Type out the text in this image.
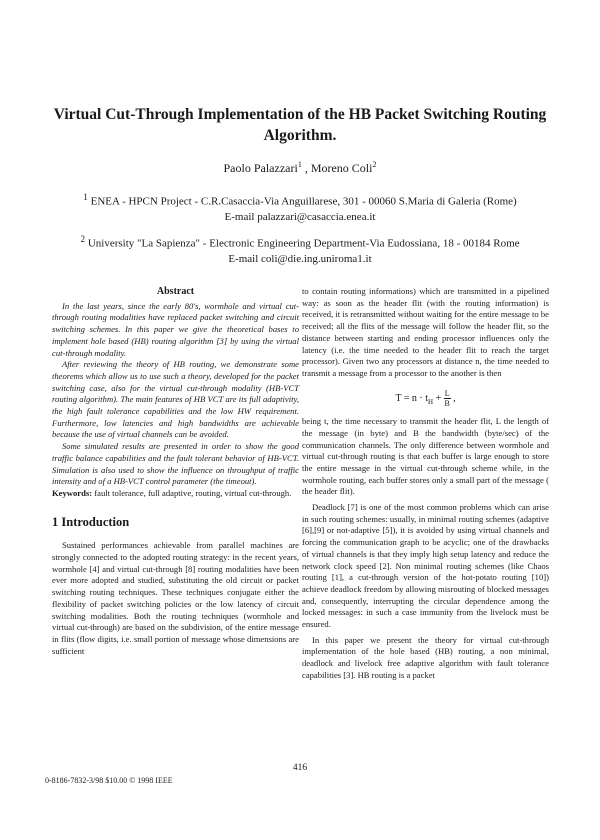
Virtual Cut-Through Implementation of the HB Packet Switching Routing Algorithm.
Paolo Palazzari$^1$ , Moreno Coli$^2$
$^1$ ENEA - HPCN Project - C.R.Casaccia-Via Anguillarese, 301 - 00060 S.Maria di Galeria (Rome)
E-mail palazzari@casaccia.enea.it
$^2$ University "La Sapienza" - Electronic Engineering Department-Via Eudossiana, 18 - 00184 Rome
E-mail coli@die.ing.uniroma1.it
Abstract

In the last years, since the early 80's, wormhole and virtual cut-through routing modalities have replaced packet switching and circuit switching schemes. In this paper we give the theoretical bases to implement hole based (HB) routing algorithm [3] by using the virtual cut-through modality.

After reviewing the theory of HB routing, we demonstrate some theorems which allow us to use such a theory, developed for the packet switching case, also for the virtual cut-through modality (HB-VCT routing algorithm). The main features of HB VCT are its full adaptivity, the high fault tolerance capabilities and the low HW requirement. Furthermore, low latencies and high bandwidths are achievable because the use of virtual channels can be avoided.

Some simulated results are presented in order to show the good traffic balance capabilities and the fault tolerant behavior of HB-VCT. Simulation is also used to show the influence on throughput of traffic intensity and of a HB-VCT control parameter (the timeout).

Keywords: fault tolerance, full adaptive, routing, virtual cut-through.

1 Introduction

Sustained performances achievable from parallel machines are strongly connected to the adopted routing strategy: in the recent years, wormhole [4] and virtual cut-through [8] routing modalities have been ever more adopted and studied, substituting the old circuit or packet switching routing techniques. These techniques conjugate either the flexibility of packet switching policies or the low latency of circuit switching modalities. Both the routing techniques (wormhole and virtual cut-through) are based on the subdivision, of the entire message in flits (flow digits, i.e. small portion of message whose dimensions are sufficient

to contain routing informations) which are transmitted in a pipelined way: as soon as the header flit (with the routing information) is received, it is retransmitted without waiting for the entire message to be received; all the flits of the message will follow the header flit, so the distance between starting and ending processor influences only the latency (i.e. the time needed to the header flit to reach the target processor). Given two any processors at distance n, the time needed to transmit a message from a processor to the another is then

$T = n \cdot t_H + \frac{L}{B}$ ,

being t, the time necessary to transmit the header flit, L the length of the message (in byte) and B the bandwidth (byte/sec) of the communication channels. The only difference between wormhole and virtual cut-through routing is that each buffer is large enough to store the entire message in the virtual cut-through scheme while, in the wormhole routing, each buffer stores only a small part of the message ( the header flit).

Deadlock [7] is one of the most common problems which can arise in such routing schemes: usually, in minimal routing schemes (adaptive [6],[9] or not-adaptive [5]), it is avoided by using virtual channels and forcing the communication graph to be acyclic; one of the drawbacks of virtual channels is that they imply high setup latency and reduce the network clock speed [2]. Non minimal routing schemes (like Chaos routing [1], a cut-through version of the hot-potato routing [10]) achieve deadlock freedom by allowing misrouting of blocked messages and, consequently, interrupting the circular dependence among the locked messages: in such a case immunity from the livelock must be ensured.

In this paper we present the theory for virtual cut-through implementation of the hole based (HB) routing, a non minimal, deadlock and livelock free adaptive algorithm with fault tolerance capabilities [3]. HB routing is a packet

416
0-8186-7832-3/98 $10.00 © 1998 IEEE
